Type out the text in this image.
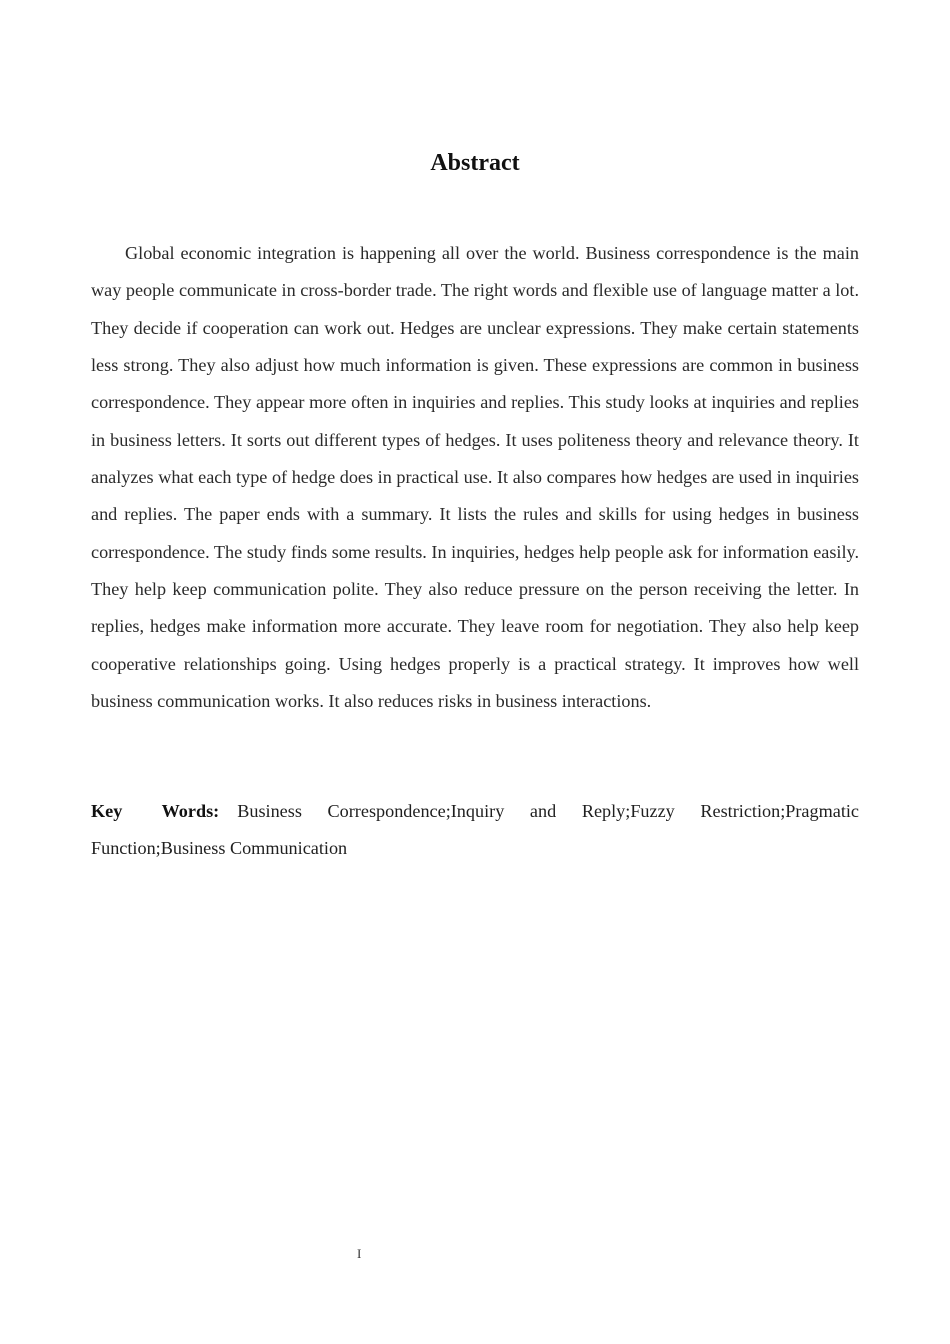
Abstract

Global economic integration is happening all over the world. Business correspondence is the main way people communicate in cross-border trade. The right words and flexible use of language matter a lot. They decide if cooperation can work out. Hedges are unclear expressions. They make certain statements less strong. They also adjust how much information is given. These expressions are common in business correspondence. They appear more often in inquiries and replies. This study looks at inquiries and replies in business letters. It sorts out different types of hedges. It uses politeness theory and relevance theory. It analyzes what each type of hedge does in practical use. It also compares how hedges are used in inquiries and replies. The paper ends with a summary. It lists the rules and skills for using hedges in business correspondence. The study finds some results. In inquiries, hedges help people ask for information easily. They help keep communication polite. They also reduce pressure on the person receiving the letter. In replies, hedges make information more accurate. They leave room for negotiation. They also help keep cooperative relationships going. Using hedges properly is a practical strategy. It improves how well business communication works. It also reduces risks in business interactions.

Key Words: Business Correspondence;Inquiry and Reply;Fuzzy Restriction;Pragmatic Function;Business Communication

I
